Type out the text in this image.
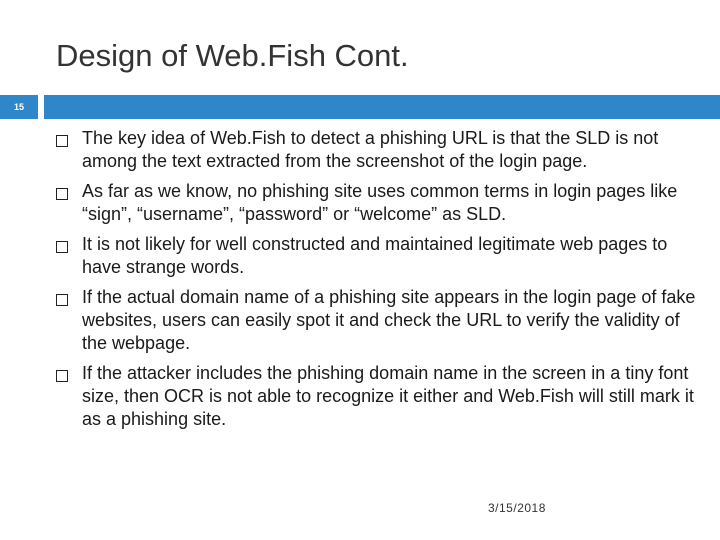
Design of Web.Fish Cont.
15
The key idea of Web.Fish to detect a phishing URL is that the SLD is not among the text extracted from the screenshot of the login page.
As far as we know, no phishing site uses common terms in login pages like “sign”, “username”, “password” or “welcome” as SLD.
It is not likely for well constructed and maintained legitimate web pages to have strange words.
If the actual domain name of a phishing site appears in the login page of fake websites, users can easily spot it and check the URL to verify the validity of the webpage.
If the attacker includes the phishing domain name in the screen in a tiny font size, then OCR is not able to recognize it either and Web.Fish will still mark it as a phishing site.
3/15/2018
